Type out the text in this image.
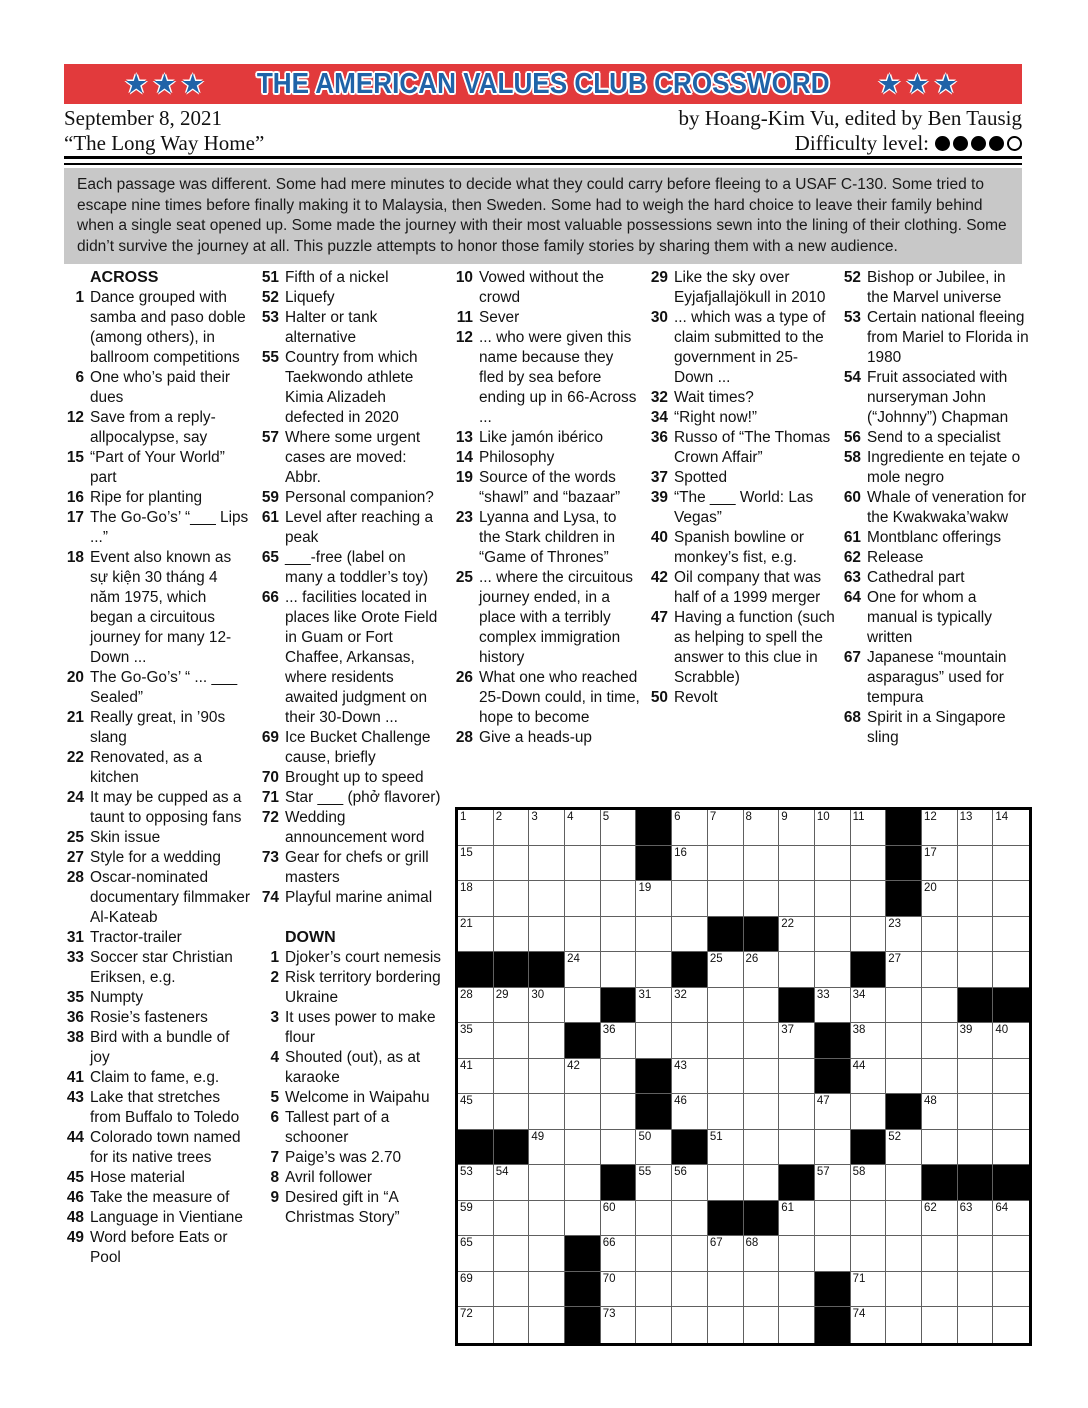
★★★ THE AMERICAN VALUES CLUB CROSSWORD ★★★
September 8, 2021
“The Long Way Home”
by Hoang-Kim Vu, edited by Ben Tausig
Difficulty level:
Each passage was different. Some had mere minutes to decide what they could carry before fleeing to a USAF C-130. Some tried to escape nine times before finally making it to Malaysia, then Sweden. Some had to weigh the hard choice to leave their family behind when a single seat opened up. Some made the journey with their most valuable possessions sewn into the lining of their clothing. Some didn’t survive the journey at all. This puzzle attempts to honor those family stories by sharing them with a new audience.
ACROSS
1 Dance grouped with samba and paso doble (among others), in ballroom competitions
6 One who’s paid their dues
12 Save from a reply-allpocalypse, say
15 “Part of Your World” part
16 Ripe for planting
17 The Go-Go’s’ “___ Lips ...”
18 Event also known as sự kiện 30 tháng 4 năm 1975, which began a circuitous journey for many 12-Down ...
20 The Go-Go’s’ “ ... ___ Sealed”
21 Really great, in ’90s slang
22 Renovated, as a kitchen
24 It may be cupped as a taunt to opposing fans
25 Skin issue
27 Style for a wedding
28 Oscar-nominated documentary filmmaker Al-Kateab
31 Tractor-trailer
33 Soccer star Christian Eriksen, e.g.
35 Numpty
36 Rosie’s fasteners
38 Bird with a bundle of joy
41 Claim to fame, e.g.
43 Lake that stretches from Buffalo to Toledo
44 Colorado town named for its native trees
45 Hose material
46 Take the measure of
48 Language in Vientiane
49 Word before Eats or Pool
51 Fifth of a nickel
52 Liquefy
53 Halter or tank alternative
55 Country from which Taekwondo athlete Kimia Alizadeh defected in 2020
57 Where some urgent cases are moved: Abbr.
59 Personal companion?
61 Level after reaching a peak
65 ___-free (label on many a toddler’s toy)
66 ... facilities located in places like Orote Field in Guam or Fort Chaffee, Arkansas, where residents awaited judgment on their 30-Down ...
69 Ice Bucket Challenge cause, briefly
70 Brought up to speed
71 Star ___ (phở flavorer)
72 Wedding announcement word
73 Gear for chefs or grill masters
74 Playful marine animal
DOWN
1 Djoker’s court nemesis
2 Risk territory bordering Ukraine
3 It uses power to make flour
4 Shouted (out), as at karaoke
5 Welcome in Waipahu
6 Tallest part of a schooner
7 Paige’s was 2.70
8 Avril follower
9 Desired gift in “A Christmas Story”
10 Vowed without the crowd
11 Sever
12 ... who were given this name because they fled by sea before ending up in 66-Across ...
13 Like jamón ibérico
14 Philosophy
19 Source of the words “shawl” and “bazaar”
23 Lyanna and Lysa, to the Stark children in “Game of Thrones”
25 ... where the circuitous journey ended, in a place with a terribly complex immigration history
26 What one who reached 25-Down could, in time, hope to become
28 Give a heads-up
29 Like the sky over Eyjafjallajökull in 2010
30 ... which was a type of claim submitted to the government in 25-Down ...
32 Wait times?
34 “Right now!”
36 Russo of “The Thomas Crown Affair”
37 Spotted
39 “The ___ World: Las Vegas”
40 Spanish bowline or monkey’s fist, e.g.
42 Oil company that was half of a 1999 merger
47 Having a function (such as helping to spell the answer to this clue in Scrabble)
50 Revolt
52 Bishop or Jubilee, in the Marvel universe
53 Certain national fleeing from Mariel to Florida in 1980
54 Fruit associated with nurseryman John (“Johnny”) Chapman
56 Send to a specialist
58 Ingrediente en tejate o mole negro
60 Whale of veneration for the Kwakwaka’wakw
61 Montblanc offerings
62 Release
63 Cathedral part
64 One for whom a manual is typically written
67 Japanese “mountain asparagus” used for tempura
68 Spirit in a Singapore sling
1	2	3	4	5	6	7	8	9	10 11	12 13 14
15	16	17
18	19	20
21	22	23
24	25 26	27
28 29 30	31 32	33 34
35	36	37	38	39 40
41	42	43	44
45	46	47	48
49	50	51	52
53 54	55 56	57 58
59	60	61	62 63 64
65	66	67 68
69	70	71
72	73	74
